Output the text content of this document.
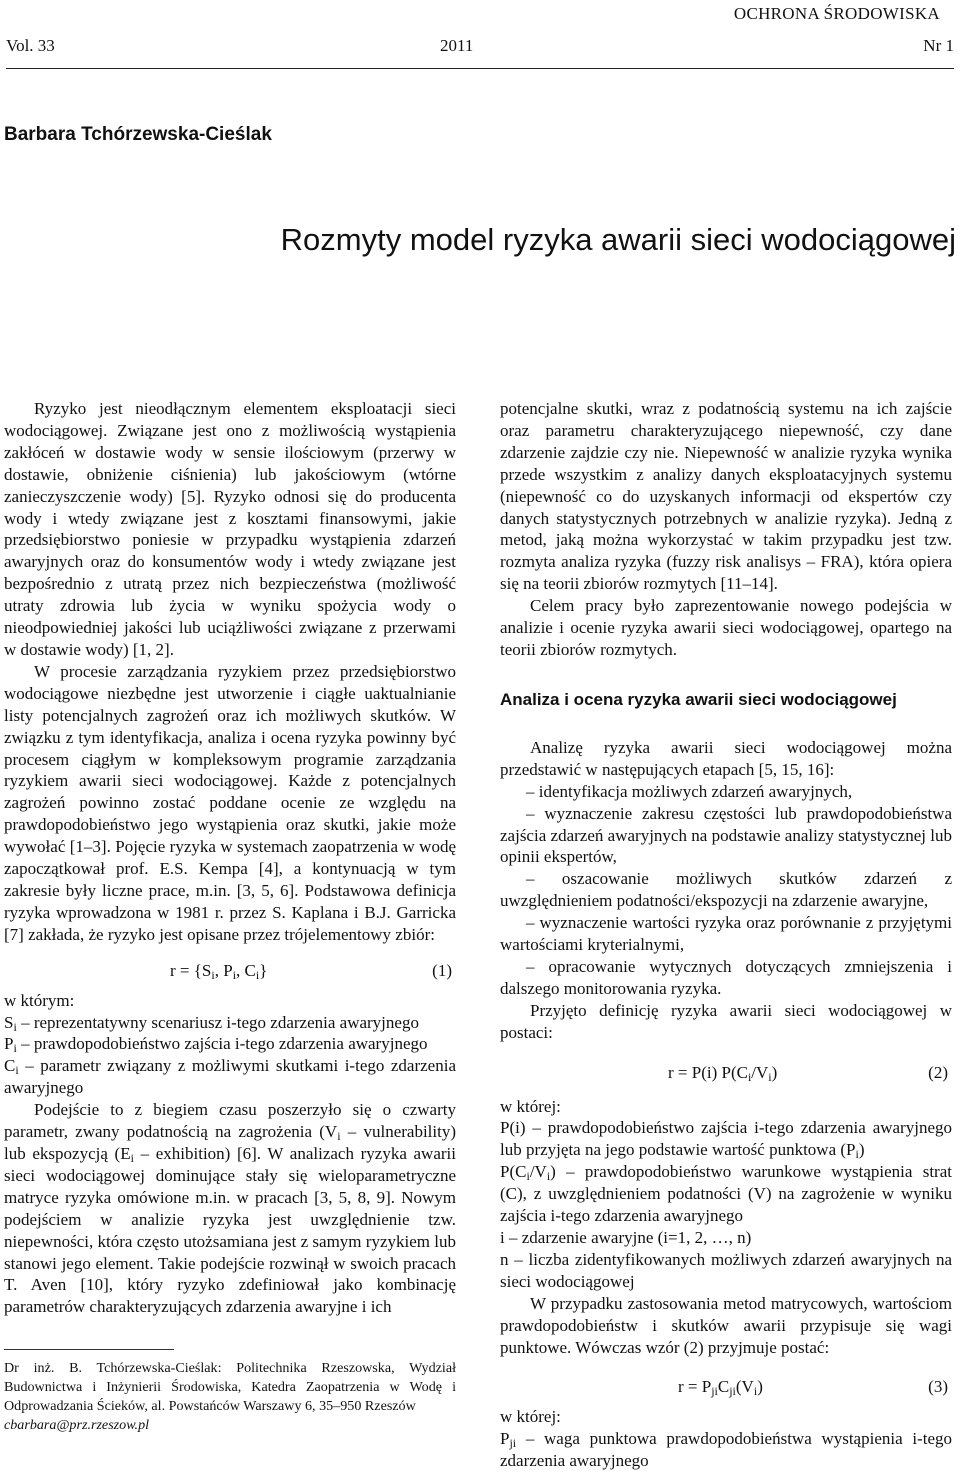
OCHRONA ŚRODOWISKA
Vol. 33	2011	Nr 1
Barbara Tchórzewska-Cieślak
Rozmyty model ryzyka awarii sieci wodociągowej

Ryzyko jest nieodłącznym elementem eksploatacji sieci wodociągowej. Związane jest ono z możliwością wystąpienia zakłóceń w dostawie wody w sensie ilościowym (przerwy w dostawie, obniżenie ciśnienia) lub jakościowym (wtórne zanieczyszczenie wody) [5]. Ryzyko odnosi się do producenta wody i wtedy związane jest z kosztami finansowymi, jakie przedsiębiorstwo poniesie w przypadku wystąpienia zdarzeń awaryjnych oraz do konsumentów wody i wtedy związane jest bezpośrednio z utratą przez nich bezpieczeństwa (możliwość utraty zdrowia lub życia w wyniku spożycia wody o nieodpowiedniej jakości lub uciążliwości związane z przerwami w dostawie wody) [1, 2].

W procesie zarządzania ryzykiem przez przedsiębiorstwo wodociągowe niezbędne jest utworzenie i ciągłe uaktualnianie listy potencjalnych zagrożeń oraz ich możliwych skutków. W związku z tym identyfikacja, analiza i ocena ryzyka powinny być procesem ciągłym w kompleksowym programie zarządzania ryzykiem awarii sieci wodociągowej. Każde z potencjalnych zagrożeń powinno zostać poddane ocenie ze względu na prawdopodobieństwo jego wystąpienia oraz skutki, jakie może wywołać [1–3]. Pojęcie ryzyka w systemach zaopatrzenia w wodę zapoczątkował prof. E.S. Kempa [4], a kontynuacją w tym zakresie były liczne prace, m.in. [3, 5, 6]. Podstawowa definicja ryzyka wprowadzona w 1981 r. przez S. Kaplana i B.J. Garricka [7] zakłada, że ryzyko jest opisane przez trójelementowy zbiór:

$r = \{S_i$, $P_i$, $C_i$}	(1)

w którym:

$S_i$ – reprezentatywny scenariusz i-tego zdarzenia awaryjnego

$P_i$ – prawdopodobieństwo zajścia i-tego zdarzenia awaryjnego

$C_i$ – parametr związany z możliwymi skutkami i-tego zdarzenia awaryjnego

Podejście to z biegiem czasu poszerzyło się o czwarty parametr, zwany podatnością na zagrożenia ($V_i$ – vulnerability) lub ekspozycją ($E_i$ – exhibition) [6]. W analizach ryzyka awarii sieci wodociągowej dominujące stały się wieloparametryczne matryce ryzyka omówione m.in. w pracach [3, 5, 8, 9]. Nowym podejściem w analizie ryzyka jest uwzględnienie tzw. niepewności, która często utożsamiana jest z samym ryzykiem lub stanowi jego element. Takie podejście rozwinął w swoich pracach T. Aven [10], który ryzyko zdefiniował jako kombinację parametrów charakteryzujących zdarzenia awaryjne i ich

potencjalne skutki, wraz z podatnością systemu na ich zajście oraz parametru charakteryzującego niepewność, czy dane zdarzenie zajdzie czy nie. Niepewność w analizie ryzyka wynika przede wszystkim z analizy danych eksploatacyjnych systemu (niepewność co do uzyskanych informacji od ekspertów czy danych statystycznych potrzebnych w analizie ryzyka). Jedną z metod, jaką można wykorzystać w takim przypadku jest tzw. rozmyta analiza ryzyka (fuzzy risk analisys – FRA), która opiera się na teorii zbiorów rozmytych [11–14].

Celem pracy było zaprezentowanie nowego podejścia w analizie i ocenie ryzyka awarii sieci wodociągowej, opartego na teorii zbiorów rozmytych.

Analiza i ocena ryzyka awarii sieci wodociągowej

Analizę ryzyka awarii sieci wodociągowej można przedstawić w następujących etapach [5, 15, 16]:

– identyfikacja możliwych zdarzeń awaryjnych,

– wyznaczenie zakresu częstości lub prawdopodobieństwa zajścia zdarzeń awaryjnych na podstawie analizy statystycznej lub opinii ekspertów,

– oszacowanie możliwych skutków zdarzeń z uwzględnieniem podatności/ekspozycji na zdarzenie awaryjne,

– wyznaczenie wartości ryzyka oraz porównanie z przyjętymi wartościami kryterialnymi,

– opracowanie wytycznych dotyczących zmniejszenia i dalszego monitorowania ryzyka.

Przyjęto definicję ryzyka awarii sieci wodociągowej w postaci:

r = P(i) $P(C_i/V_i)$	(2)

w której:

P(i) – prawdopodobieństwo zajścia i-tego zdarzenia awaryjnego lub przyjęta na jego podstawie wartość punktowa $(P_i)$

$P(C_i/V_i)$ – prawdopodobieństwo warunkowe wystąpienia strat (C), z uwzględnieniem podatności (V) na zagrożenie w wyniku zajścia i-tego zdarzenia awaryjnego

i – zdarzenie awaryjne (i=1, 2, …, n)

n – liczba zidentyfikowanych możliwych zdarzeń awaryjnych na sieci wodociągowej

W przypadku zastosowania metod matrycowych, wartościom prawdopodobieństw i skutków awarii przypisuje się wagi punktowe. Wówczas wzór (2) przyjmuje postać:

$r = P_{ji}C_{ji}(V_i)$	(3)

w której:

$P_{ji}$ – waga punktowa prawdopodobieństwa wystąpienia i-tego zdarzenia awaryjnego

Dr inż. B. Tchórzewska-Cieślak: Politechnika Rzeszowska, Wydział Budownictwa i Inżynierii Środowiska, Katedra Zaopatrzenia w Wodę i Odprowadzania Ścieków, al. Powstańców Warszawy 6, 35–950 Rzeszów
cbarbara@prz.rzeszow.pl
